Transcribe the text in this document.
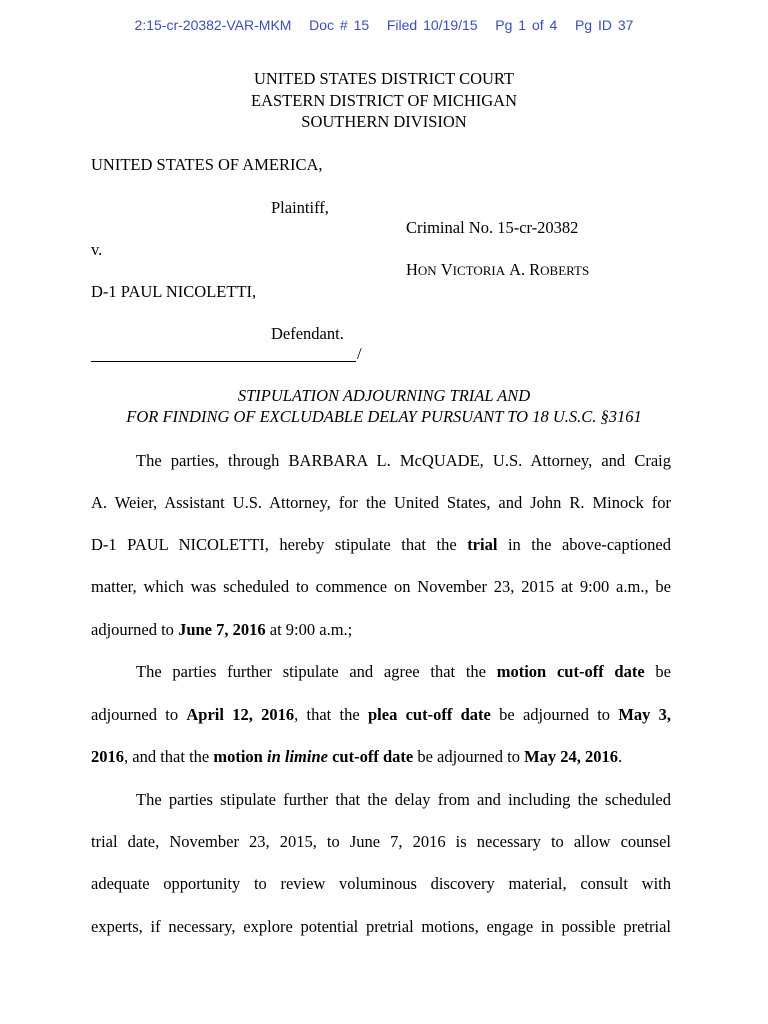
2:15-cr-20382-VAR-MKM Doc # 15 Filed 10/19/15 Pg 1 of 4 Pg ID 37
UNITED STATES DISTRICT COURT
EASTERN DISTRICT OF MICHIGAN
SOUTHERN DIVISION
UNITED STATES OF AMERICA,
Plaintiff,
Criminal No. 15-cr-20382
v.
HON VICTORIA A. ROBERTS
D-1 PAUL NICOLETTI,
Defendant.
/
STIPULATION ADJOURNING TRIAL AND
FOR FINDING OF EXCLUDABLE DELAY PURSUANT TO 18 U.S.C. §3161
The parties, through BARBARA L. McQUADE, U.S. Attorney, and Craig
A. Weier, Assistant U.S. Attorney, for the United States, and John R. Minock for
D-1 PAUL NICOLETTI, hereby stipulate that the trial in the above-captioned
matter, which was scheduled to commence on November 23, 2015 at 9:00 a.m., be
adjourned to June 7, 2016 at 9:00 a.m.;
The parties further stipulate and agree that the motion cut-off date be
adjourned to April 12, 2016, that the plea cut-off date be adjourned to May 3,
2016, and that the motion in limine cut-off date be adjourned to May 24, 2016.
The parties stipulate further that the delay from and including the scheduled
trial date, November 23, 2015, to June 7, 2016 is necessary to allow counsel
adequate opportunity to review voluminous discovery material, consult with
experts, if necessary, explore potential pretrial motions, engage in possible pretrial
